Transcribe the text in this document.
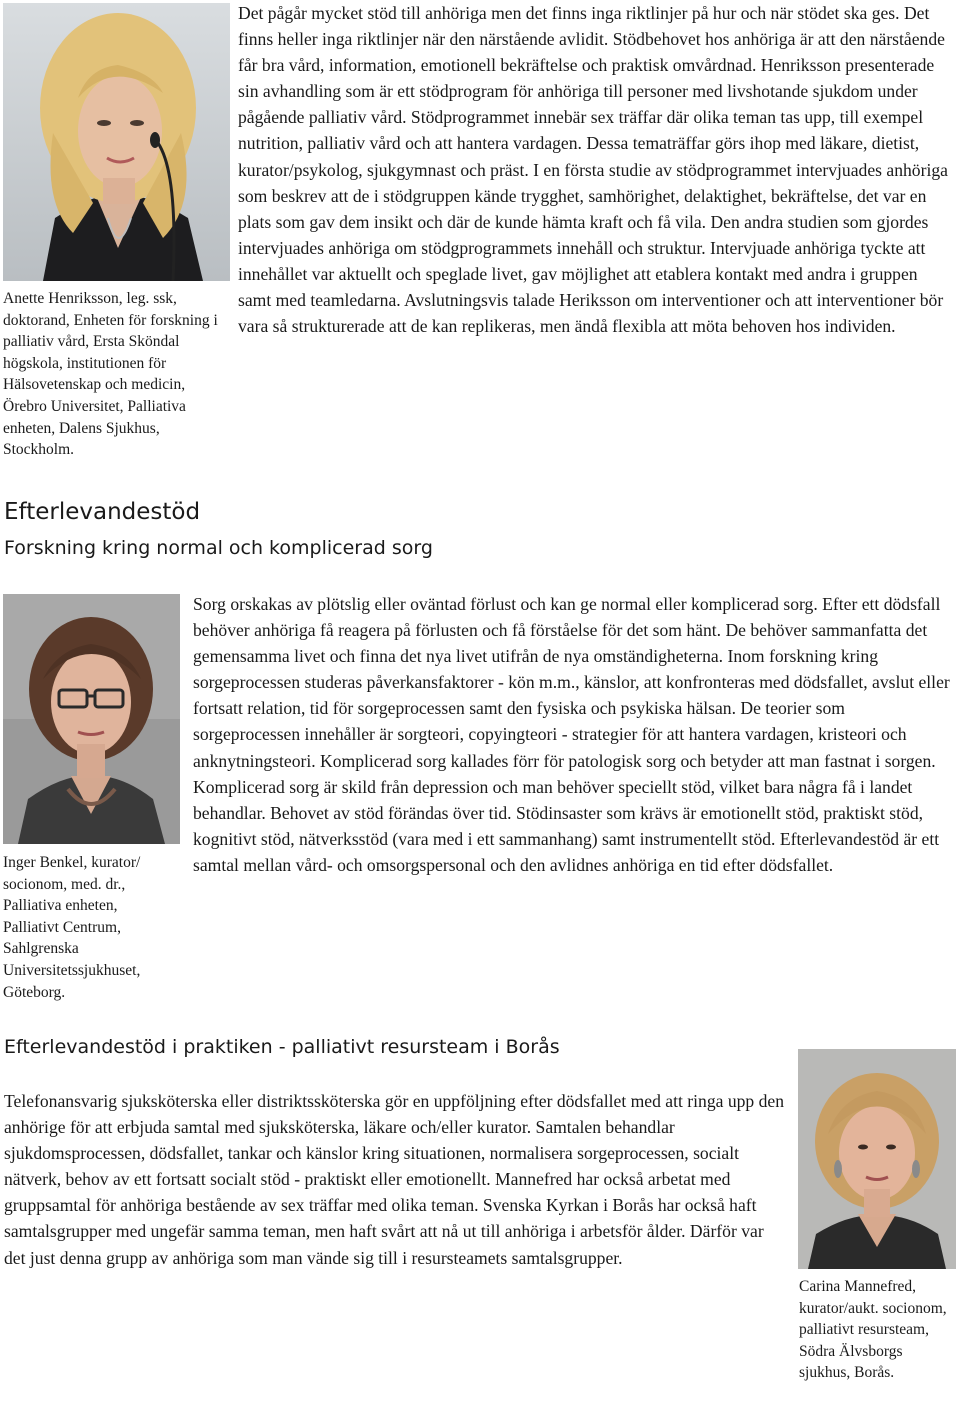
Anette Henriksson, leg. ssk, doktorand, Enheten för forskning i palliativ vård, Ersta Sköndal högskola, institutionen för Hälsovetenskap och medicin, Örebro Universitet, Palliativa enheten, Dalens Sjukhus, Stockholm.

Det pågår mycket stöd till anhöriga men det finns inga riktlinjer på hur och när stödet ska ges. Det finns heller inga riktlinjer när den närstående avlidit. Stödbehovet hos anhöriga är att den närstående får bra vård, information, emotionell bekräftelse och praktisk omvårdnad. Henriksson presenterade sin avhandling som är ett stödprogram för anhöriga till personer med livshotande sjukdom under pågående palliativ vård. Stödprogrammet innebär sex träffar där olika teman tas upp, till exempel nutrition, palliativ vård och att hantera vardagen. Dessa tematräffar görs ihop med läkare, dietist, kurator/psykolog, sjukgymnast och präst. I en första studie av stödprogrammet intervjuades anhöriga som beskrev att de i stödgruppen kände trygghet, samhörighet, delaktighet, bekräftelse, det var en plats som gav dem insikt och där de kunde hämta kraft och få vila. Den andra studien som gjordes intervjuades anhöriga om stödgprogrammets innehåll och struktur. Intervjuade anhöriga tyckte att innehållet var aktuellt och speglade livet, gav möjlighet att etablera kontakt med andra i gruppen samt med teamledarna. Avslutningsvis talade Heriksson om interventioner och att interventioner bör vara så strukturerade att de kan replikeras, men ändå flexibla att möta behoven hos individen.

Efterlevandestöd
Forskning kring normal och komplicerad sorg
Inger Benkel, kurator/ socionom, med. dr., Palliativa enheten, Palliativt Centrum, Sahlgrenska Universitetssjukhuset, Göteborg.

Sorg orskakas av plötslig eller oväntad förlust och kan ge normal eller komplicerad sorg. Efter ett dödsfall behöver anhöriga få reagera på förlusten och få förståelse för det som hänt. De behöver sammanfatta det gemensamma livet och finna det nya livet utifrån de nya omständigheterna. Inom forskning kring sorgeprocessen studeras påverkansfaktorer - kön m.m., känslor, att konfronteras med dödsfallet, avslut eller fortsatt relation, tid för sorgeprocessen samt den fysiska och psykiska hälsan. De teorier som sorgeprocessen innehåller är sorgteori, copyingteori - strategier för att hantera vardagen, kristeori och anknytningsteori. Komplicerad sorg kallades förr för patologisk sorg och betyder att man fastnat i sorgen. Komplicerad sorg är skild från depression och man behöver speciellt stöd, vilket bara några få i landet behandlar. Behovet av stöd förändas över tid. Stödinsaster som krävs är emotionellt stöd, praktiskt stöd, kognitivt stöd, nätverksstöd (vara med i ett sammanhang) samt instrumentellt stöd. Efterlevandestöd är ett samtal mellan vård- och omsorgspersonal och den avlidnes anhöriga en tid efter dödsfallet.

Efterlevandestöd i praktiken - palliativt resursteam i Borås

Telefonansvarig sjuksköterska eller distriktssköterska gör en uppföljning efter dödsfallet med att ringa upp den anhörige för att erbjuda samtal med sjuksköterska, läkare och/eller kurator. Samtalen behandlar sjukdomsprocessen, dödsfallet, tankar och känslor kring situationen, normalisera sorgeprocessen, socialt nätverk, behov av ett fortsatt socialt stöd - praktiskt eller emotionellt. Mannefred har också arbetat med gruppsamtal för anhöriga bestående av sex träffar med olika teman. Svenska Kyrkan i Borås har också haft samtalsgrupper med ungefär samma teman, men haft svårt att nå ut till anhöriga i arbetsför ålder. Därför var det just denna grupp av anhöriga som man vände sig till i resursteamets samtalsgrupper.

Carina Mannefred, kurator/aukt. socionom, palliativt resursteam, Södra Älvsborgs sjukhus, Borås.
